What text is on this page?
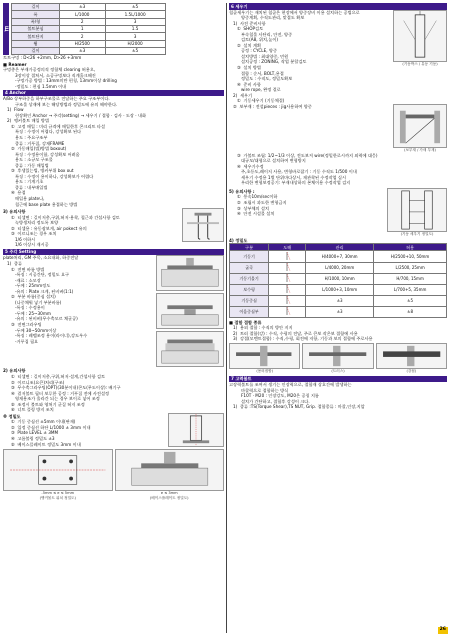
Щ
길이	±3	±5
폭	L/1000	1.5L/1000
폭/형	2	3
볼트분심	1	1.5
볼트단지	2	3
휨	H/2500	H/2000
길이	±3	±5
토트구멍 : D<26 +2mm, D>26 +3mm
■ Reamer
구멍총은 부재가공정의적 정합체 clearing 허용오,
3장이상 접쳐서, 소공구멍보다 직계홀크해진
·구멍가공 방법 : 13mm미만 편칭, 13mm이상 drilling
·정밀도 : 편심 1.5mm 이내
4 Anchor
A/Bo 상부하중을 하부구조물로 전달하는 주요 구조부이다.
구조물 상재에 보는 해당방법과 정밀도에 유의 해야한다.
1)  Flow
현장확인 Anchor → 주각(setting) → 세우기 / 접합 · 검사 · 도장 · 내화
2)  앵커볼트 매입 방법
①  고정 매입 : 미리 규격에 매입한후 콘크리트 타설
특징 : 수정이 어렵다, 강성확보 된다
용도 : 주요구조부
종류 : 거푸집, 강재FRAME
②  가동매입(법)방법 boxout)
특징 : 수정용이함, 강성확보 어려움
용도 : 소규모 구조물
종류 : 가동 매입법
③  후생있는법, 병커부위 box out
특징 : 수정이 용이하나, 강성확보가 어렵다
용도 : 기계기초
종류 : 내부매입법
④  용접
매입용 plate나,
철근에 base plate 용접하는 방법
3) 유의사항
①  티셀면 : 길이저총,구위,허저·용착, 철근과 간섭사항 검토
녹방생처리 정도록 보양
②  티셀용 : 유동잠보게, air pokect 유의
③  이르니조는 경우 조치
1/6 이하시
1/6 이상시 재시공
5 주각 Setting
plate처리, GM 주목, 소요내화, 하중전달
1)  종류
①  전면 바름 방법
-특징 : 시공간단, 정밀도 요구
-재료 : 소모장
-두께 : 25mm정도
-유의 : Plate 크게, 된비벼(1:1)
②  부분 바름(중심 섭치)
(나중채워 넣기 부분바름)
-특징 : 수정용이
-두께 : 25~30mm
-유의 : 된비벼(무수축모르 채굴공)
③  전면그라우팅
-두께 30~50mm이상
-특징 : 레벨조정 용이(라이너),강도우수
-거푸집 필요
2) 유의사항
①  티셀면 : 길이저총,구위,허저·설계,간섭사항 검토
②  이르니조(요큰)처리(구조)
③  무수축그라우팅(OPT)(30분이내)콘도(무도이상): 배기구
④  결저볼트 필터 보루한 공정 : 거푸집 전에 사전설정
영재용조가 올라간 되는 경우 보이로 넣어 조정
⑤  조정시 볼트와 영쳐기 균질 허저 조정
⑥  너트 플링 방지 조치
※ 정밀도
①  기둥 중심선 ±5mm 이내(판재)
②  입정 중심선 하단 L/1000 ± 3mm 이내
③  Plate LEVEL ± 3MM
④  고름볼링 정밀도 ±3
⑤  베이스플레이트 정밀도 3mm 이내
-5mm ≤ e ≤ 5mm
(앵커볼트 위치 정밀도)
e ≤ 3mm
(베이스플레이트 정밀도)
6 세우기
철골세우기는 재치된 철골은 현장에서 양중장비 이용 설치하는 공법으로
양중계획, 수직도관리, 맞접도 확보
1)  사전 준비사항
①  SHOP검토
부속철물 사단리, 안전, 양중
검토(A8, 위치,높이)
②  설치 계획
공정 : CYCLE, 양중
설치방법 : 최대양중, 민원
설치공정 : ZONING, 작업 분할검토
③  설치 방법
접합 : 순서, BOLT,용접
정밀도 : 수직도, 정밀도확보
④  준비 사항
wire rope, 완정 결로
2)  세우기
①  기둥세우기 (기둥체결)
(기둥박스 / 유동 기둥)
②  보부재 : 전설pieces : jig사용하여 양중
(보부재 / 가새 부재)
③  가볼트 조립: 1/2~1/3 이상, 전도보져 wire(정밀한로시까지 외력에 대응)
대규모/대형으로 설치하여 변형방지
④  세우기수정
주,초등도,레이저 사용, 변형바로잡기 : 기둥 수직도 1/500 이내
세우기 수정용 1별 단위마다상시, 재관착된 수정작업 실시
우리한 변형보정공기: 부재내상하의 본체이용 수정작업 검지
5) 유의사항 :
①  풍속10m/sec이하
②  조립시 과도한 변형금지
③  상부체의 설치
④  안전 시설물 설치
(기둥 세우기 정밀도)
4) 정밀도
구분	도해	관리	허용
기둥기		H/4000+7, 30mm	H/2500+10, 50mm
굽곡		L/4000, 20mm	L/2500, 25mm
기동기울기		H/1000, 10mm	H/700, 15mm
보수평		L/1000+3, 10mm	L/700+5, 35mm
기둥중심		±3	±5
이음중심부		±3	±8
■ 접합 접합 종류
1)  용외 접합 : 수직의 방안 지지
2)  트러 접합(강) : 수직, 수평의 전달, 주로 큰보 작은보 접합에 사용
3)  강접(모멘트접합) : 수직,수평, 회전에 저항, 기동과 보의 접합에 주로사용
(용외접합)	(트러스)	(강접)
7 고력볼트
고장력볼트를 조여서 생기는 인장력으로, 접합재 상호간에 발생하는
마찰력으로 접합하는 방식
F10T · M20 : 인장강도, M20은 공칭 지름
설치가 간단하고, 접합후 강성이 크다.
1)  종류 :TS(Torque Shear),TS NUT, Grip. 접합종류 : 마찰,인장,지압
26
